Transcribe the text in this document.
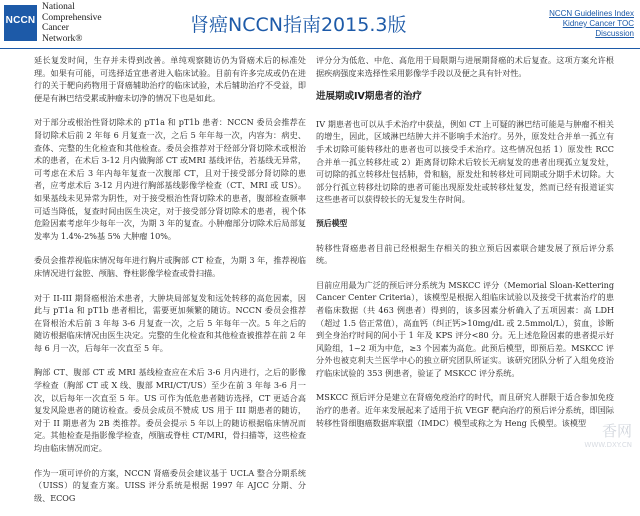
NCCN
National
Comprehensive
Cancer
Network®
肾癌NCCN指南2015.3版
NCCN Guidelines Index
Kidney Cancer TOC
Discussion

延长复发时间，生存并未得到改善。单纯观察随访仍为肾癌术后的标准处理。如果有可能，可选择适宜患者进入临床试验。目前有许多完成或仍在进行的关于靶向药物用于肾癌辅助治疗的临床试验，术后辅助治疗不受益，即便是有淋巴结受累或肿瘤未切净的情况下也是如此。

对于部分或根治性肾切除术的 pT1a 和 pT1b 患者：NCCN 委员会推荐在肾切除术后前 2 年每 6 月复查一次，之后 5 年年每一次，内容为：病史、查体、完整的生化检查和其他检查。委员会推荐对于经部分肾切除术或根治术的患者，在术后 3-12 月内做胸部 CT 或MRI 基线评估，若基线无异常，可考虑在术后 3 年内每年复查一次腹部 CT，且对于接受部分肾切除的患者，应考虑术后 3-12 月内进行胸部基线影像学检查（CT、MRI 或 US）。如果基线未见异常为阴性，对于接受根治性肾切除术的患者，腹部检查频率可适当降低，复查时间由医生决定，对于接受部分肾切除术的患者，视个体危险因素考虑年少每年一次，为期 3 年的复查。小肿瘤部分切除术后局部复发率为 1.4%-2%基 5% 大肿瘤 10%。

委员会推荐视临床情况每年进行胸片或胸部 CT 检查，为期 3 年，推荐视临床情况进行盆腔、颅脑、脊柱影像学检查或骨扫描。

对于 II-III 期肾癌根治术患者，大肿块局部复发和远处转移的高危因素，因此与 pT1a 和 pT1b 患者相比，需要更加频繁的随访。NCCN 委员会推荐在肾根治术后前 3 年每 3-6 月复查一次，之后 5 年每年一次。5 年之后的随访根据临床情况由医生决定。完整的生化检查和其他检查被推荐在前 2 年每 6 月一次，后每年一次直至 5 年。

胸部 CT、腹部 CT 或 MRI 基线检查应在术后 3-6 月内进行，之后的影像学检查（胸部 CT 或 X 线、腹部 MRI/CT/US）至少在前 3 年每 3-6 月一次，以后每年一次直至 5 年。US 可作为低危患者随访选择，CT 更适合高复发风险患者的随访检查。委员会成员不赞成 US 用于 III 期患者的随访，对于 II 期患者为 2B 类推荐。委员会提示 5 年以上的随访根据临床情况而定。其他检查是指影像学检查，颅脑或脊柱 CT/MRI，骨扫描等，这些检查均由临床情况而定。

作为一项可评价的方案，NCCN 肾癌委员会建议基于 UCLA 整合分期系统（UISS）的复查方案。UISS 评分系统是根据 1997 年 AJCC 分期、分级、ECOG

评分分为低危、中危、高危用于局限期与进展期肾癌的术后复查。这项方案允许根据疾病强度来选择性采用影像学手段以及便之具有针对性。

进展期或IV期患者的治疗

IV 期患者也可以从手术治疗中获益，例如 CT 上可疑的淋巴结可能是与肿瘤不相关的增生，因此，区域淋巴结肿大并不影响手术治疗。另外，原发灶合并单一孤立有手术切除可能转移灶的患者也可以接受手术治疗。这些情况包括 1）原发性 RCC 合并单一孤立转移灶或 2）距离肾切除术后较长无病复发的患者出现孤立复发灶，可切除的孤立转移灶包括肺，骨和脑，原发灶和转移灶可同期或分期手术切除。大部分行孤立转移灶切除的患者可能出现原发灶或转移灶复发，然而已经有报道证实这些患者可以获得较长的无复发生存时间。

预后模型

转移性肾癌患者目前已经根据生存相关的独立预后因素联合建发展了预后评分系统。

目前应用最为广泛的预后评分系统为 MSKCC 评分（Memorial Sloan-Kettering Cancer Center Criteria），该模型是根据入组临床试验以及接受干扰素治疗的患者临床数据（共 463 例患者）得到的，该多因素分析确入了五项因素：高 LDH（超过 1.5 倍正常值），高血钙（纠正钙>10mg/dL 或 2.5mmol/L），贫血，诊断到全身治疗时间的间小于 1 年及 KPS 评分<80 分。无上述危险因素的患者提示好风险组，1~2 项为中危，≥3 个因素为高危。此预后模型，即预后差。MSKCC 评分外也被克利夫兰医学中心的独立研究团队所证实。该研究团队分析了入组免疫治疗临床试验的 353 例患者，验证了 MSKCC 评分系统。

MSKCC 预后评分是建立在肾癌免疫治疗的时代，而且研究人群限于适合参加免疫治疗的患者。近年来发展起来了适用于抗 VEGF 靶向治疗的预后评分系统，即国际转移性肾细胞癌数据库联盟（IMDC）模型或称之为 Heng 氏模型。该模型	香网
WWW.DXY.CN
